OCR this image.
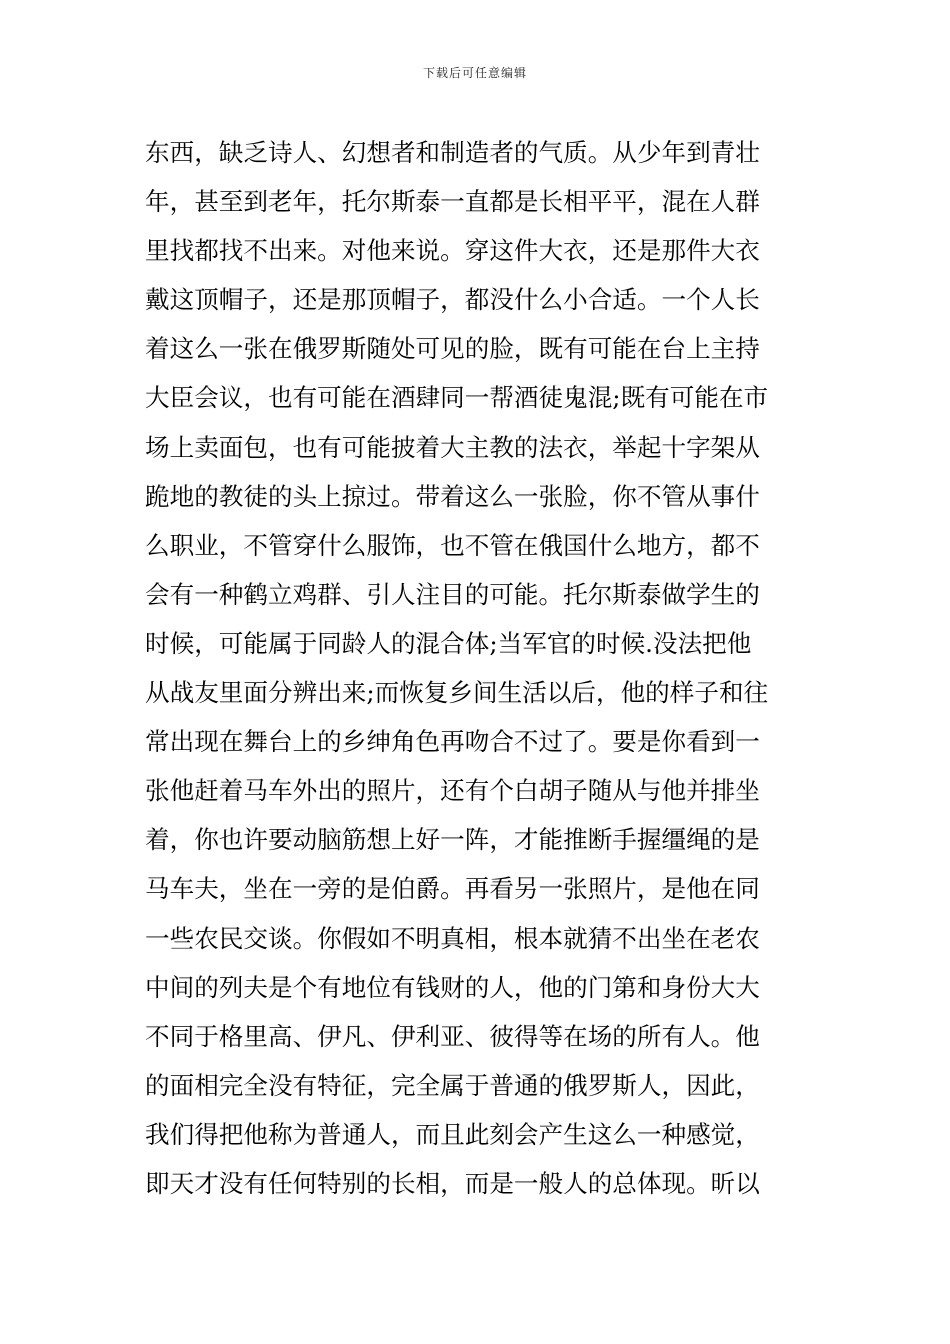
下载后可任意编辑
东西，缺乏诗人、幻想者和制造者的气质。从少年到青壮
年，甚至到老年，托尔斯泰一直都是长相平平，混在人群
里找都找不出来。对他来说。穿这件大衣，还是那件大衣
戴这顶帽子，还是那顶帽子，都没什么小合适。一个人长
着这么一张在俄罗斯随处可见的脸，既有可能在台上主持
大臣会议，也有可能在酒肆同一帮酒徒鬼混;既有可能在市
场上卖面包，也有可能披着大主教的法衣，举起十字架从
跪地的教徒的头上掠过。带着这么一张脸，你不管从事什
么职业，不管穿什么服饰，也不管在俄国什么地方，都不
会有一种鹤立鸡群、引人注目的可能。托尔斯泰做学生的
时候，可能属于同龄人的混合体;当军官的时候.没法把他
从战友里面分辨出来;而恢复乡间生活以后，他的样子和往
常出现在舞台上的乡绅角色再吻合不过了。要是你看到一
张他赶着马车外出的照片，还有个白胡子随从与他并排坐
着，你也许要动脑筋想上好一阵，才能推断手握缰绳的是
马车夫，坐在一旁的是伯爵。再看另一张照片，是他在同
一些农民交谈。你假如不明真相，根本就猜不出坐在老农
中间的列夫是个有地位有钱财的人，他的门第和身份大大
不同于格里高、伊凡、伊利亚、彼得等在场的所有人。他
的面相完全没有特征，完全属于普通的俄罗斯人，因此，
我们得把他称为普通人，而且此刻会产生这么一种感觉，
即天才没有任何特别的长相，而是一般人的总体现。昕以
